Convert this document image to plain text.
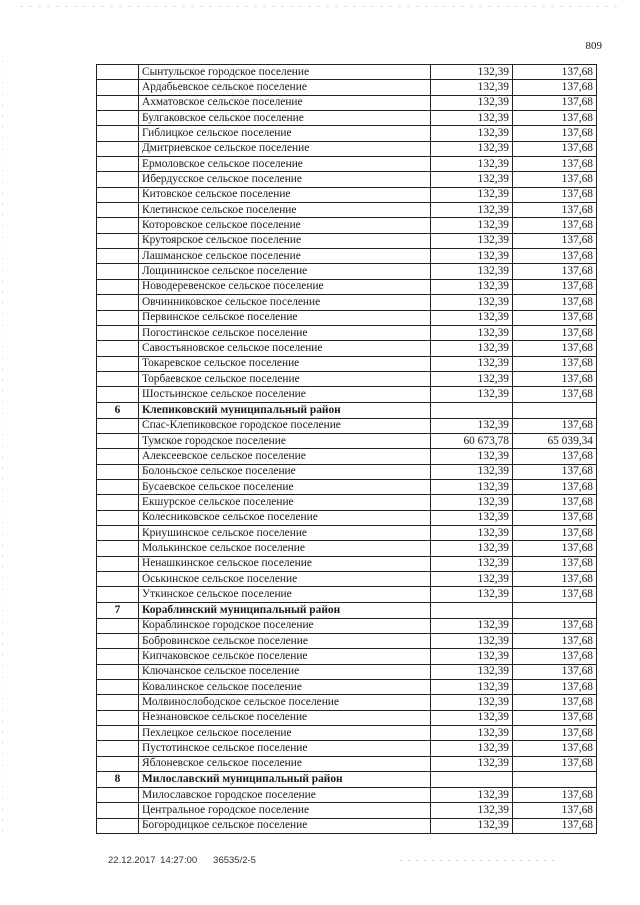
809
	Сынтульское городское поселение	132,39	137,68
	Ардабьевское сельское поселение	132,39	137,68
	Ахматовское сельское поселение	132,39	137,68
	Булгаковское сельское поселение	132,39	137,68
	Гиблицкое сельское поселение	132,39	137,68
	Дмитриевское сельское поселение	132,39	137,68
	Ермоловское сельское поселение	132,39	137,68
	Ибердусское сельское поселение	132,39	137,68
	Китовское сельское поселение	132,39	137,68
	Клетинское сельское поселение	132,39	137,68
	Которовское сельское поселение	132,39	137,68
	Крутоярское сельское поселение	132,39	137,68
	Лашманское сельское поселение	132,39	137,68
	Лощининское сельское поселение	132,39	137,68
	Новодеревенское сельское поселение	132,39	137,68
	Овчинниковское сельское поселение	132,39	137,68
	Первинское сельское поселение	132,39	137,68
	Погостинское сельское поселение	132,39	137,68
	Савостьяновское сельское поселение	132,39	137,68
	Токаревское сельское поселение	132,39	137,68
	Торбаевское сельское поселение	132,39	137,68
	Шостьинское сельское поселение	132,39	137,68
6	Клепиковский муниципальный район		
	Спас-Клепиковское городское поселение	132,39	137,68
	Тумское городское поселение	60 673,78	65 039,34
	Алексеевское сельское поселение	132,39	137,68
	Болоньское сельское поселение	132,39	137,68
	Бусаевское сельское поселение	132,39	137,68
	Екшурское сельское поселение	132,39	137,68
	Колесниковское сельское поселение	132,39	137,68
	Криушинское сельское поселение	132,39	137,68
	Молькинское сельское поселение	132,39	137,68
	Ненашкинское сельское поселение	132,39	137,68
	Оськинское сельское поселение	132,39	137,68
	Уткинское сельское поселение	132,39	137,68
7	Кораблинский муниципальный район		
	Кораблинское городское поселение	132,39	137,68
	Бобровинское сельское поселение	132,39	137,68
	Кипчаковское сельское поселение	132,39	137,68
	Ключанское сельское поселение	132,39	137,68
	Ковалинское сельское поселение	132,39	137,68
	Молвинослободское сельское поселение	132,39	137,68
	Незнановское сельское поселение	132,39	137,68
	Пехлецкое сельское поселение	132,39	137,68
	Пустотинское сельское поселение	132,39	137,68
	Яблоневское сельское поселение	132,39	137,68
8	Милославский муниципальный район		
	Милославское городское поселение	132,39	137,68
	Центральное городское поселение	132,39	137,68
	Богородицкое сельское поселение	132,39	137,68
22.12.2017 14:27:00 36535/2-5
